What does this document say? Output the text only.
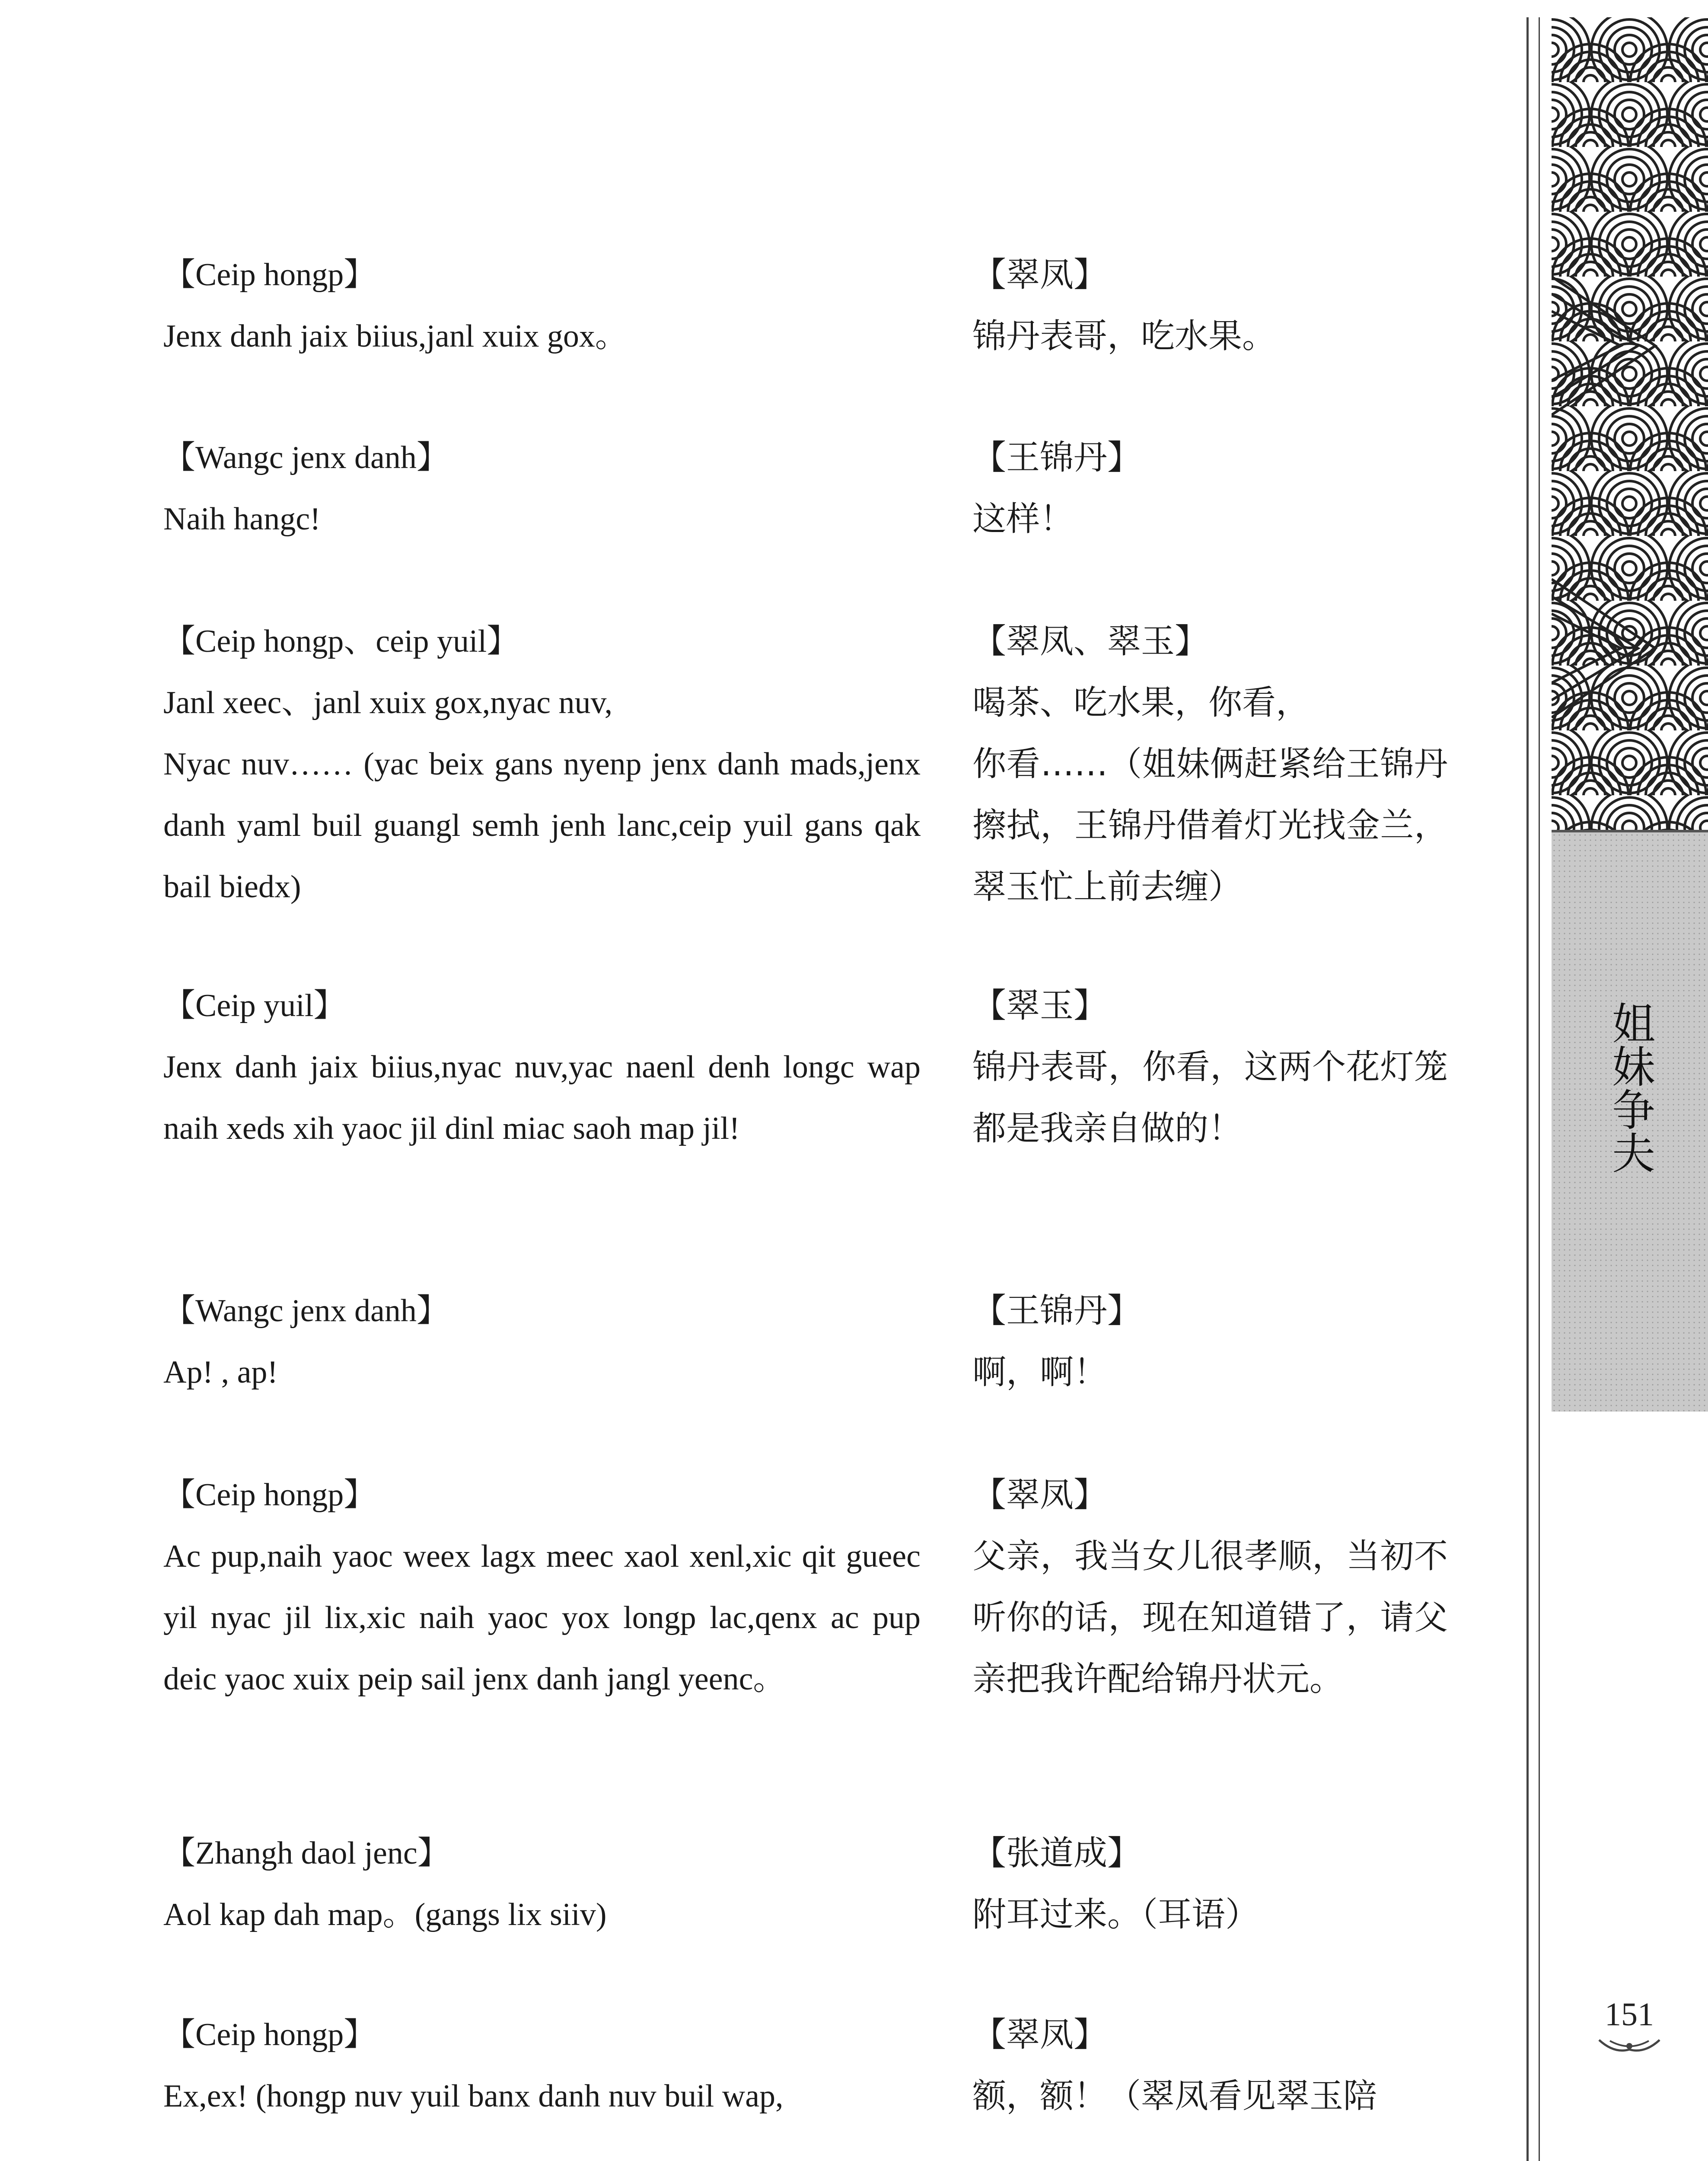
【Ceip hongp】
Jenx danh jaix biius,janl xuix gox。
【翠凤】
锦丹表哥，吃水果。
【Wangc jenx danh】
Naih hangc!
【王锦丹】
这样！
【Ceip hongp、ceip yuil】
Janl xeec、janl xuix gox,nyac nuv,
Nyac nuv…… (yac beix gans nyenp jenx danh mads,jenx danh yaml buil guangl semh jenh lanc,ceip yuil gans qak bail biedx)
【翠凤、翠玉】
喝茶、吃水果，你看，
你看……（姐妹俩赶紧给王锦丹擦拭，王锦丹借着灯光找金兰，翠玉忙上前去缠）
【Ceip yuil】
Jenx danh jaix biius,nyac nuv,yac naenl denh longc wap naih xeds xih yaoc jil dinl miac saoh map jil!
【翠玉】
锦丹表哥，你看，这两个花灯笼都是我亲自做的！
【Wangc jenx danh】
Ap! , ap!
【王锦丹】
啊，啊！
【Ceip hongp】
Ac pup,naih yaoc weex lagx meec xaol xenl,xic qit gueec yil nyac jil lix,xic naih yaoc yox longp lac,qenx ac pup deic yaoc xuix peip sail jenx danh jangl yeenc。
【翠凤】
父亲，我当女儿很孝顺，当初不听你的话，现在知道错了，请父亲把我许配给锦丹状元。
【Zhangh daol jenc】
Aol kap dah map。(gangs lix siiv)
【张道成】
附耳过来。（耳语）
【Ceip hongp】
Ex,ex! (hongp nuv yuil banx danh nuv buil wap,
【翠凤】
额，额！（翠凤看见翠玉陪
姐妹争夫
151
